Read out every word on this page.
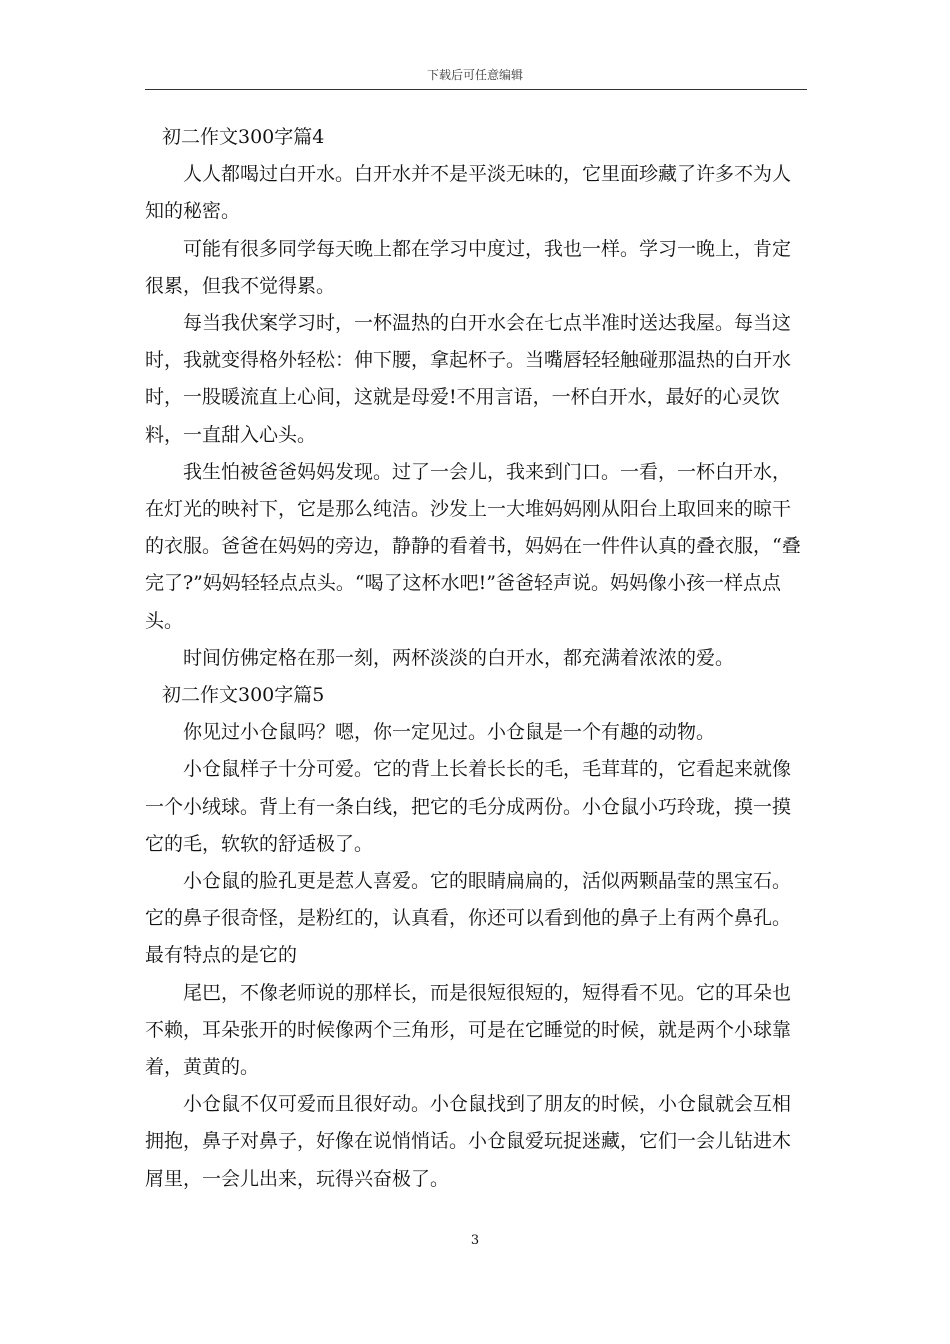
下载后可任意编辑

初二作文300字篇4

人人都喝过白开水。白开水并不是平淡无味的，它里面珍藏了许多不为人知的秘密。

可能有很多同学每天晚上都在学习中度过，我也一样。学习一晚上，肯定很累，但我不觉得累。

每当我伏案学习时，一杯温热的白开水会在七点半准时送达我屋。每当这时，我就变得格外轻松：伸下腰，拿起杯子。当嘴唇轻轻触碰那温热的白开水时，一股暖流直上心间，这就是母爱!不用言语，一杯白开水，最好的心灵饮料，一直甜入心头。

我生怕被爸爸妈妈发现。过了一会儿，我来到门口。一看，一杯白开水，在灯光的映衬下，它是那么纯洁。沙发上一大堆妈妈刚从阳台上取回来的晾干的衣服。爸爸在妈妈的旁边，静静的看着书，妈妈在一件件认真的叠衣服，“叠完了?”妈妈轻轻点点头。“喝了这杯水吧!”爸爸轻声说。妈妈像小孩一样点点头。

时间仿佛定格在那一刻，两杯淡淡的白开水，都充满着浓浓的爱。

初二作文300字篇5

你见过小仓鼠吗？嗯，你一定见过。小仓鼠是一个有趣的动物。

小仓鼠样子十分可爱。它的背上长着长长的毛，毛茸茸的，它看起来就像一个小绒球。背上有一条白线，把它的毛分成两份。小仓鼠小巧玲珑，摸一摸它的毛，软软的舒适极了。

小仓鼠的脸孔更是惹人喜爱。它的眼睛扁扁的，活似两颗晶莹的黑宝石。

它的鼻子很奇怪，是粉红的，认真看，你还可以看到他的鼻子上有两个鼻孔。

最有特点的是它的

尾巴，不像老师说的那样长，而是很短很短的，短得看不见。它的耳朵也不赖，耳朵张开的时候像两个三角形，可是在它睡觉的时候，就是两个小球靠着，黄黄的。

小仓鼠不仅可爱而且很好动。小仓鼠找到了朋友的时候，小仓鼠就会互相拥抱，鼻子对鼻子，好像在说悄悄话。小仓鼠爱玩捉迷藏，它们一会儿钻进木屑里，一会儿出来，玩得兴奋极了。

3
